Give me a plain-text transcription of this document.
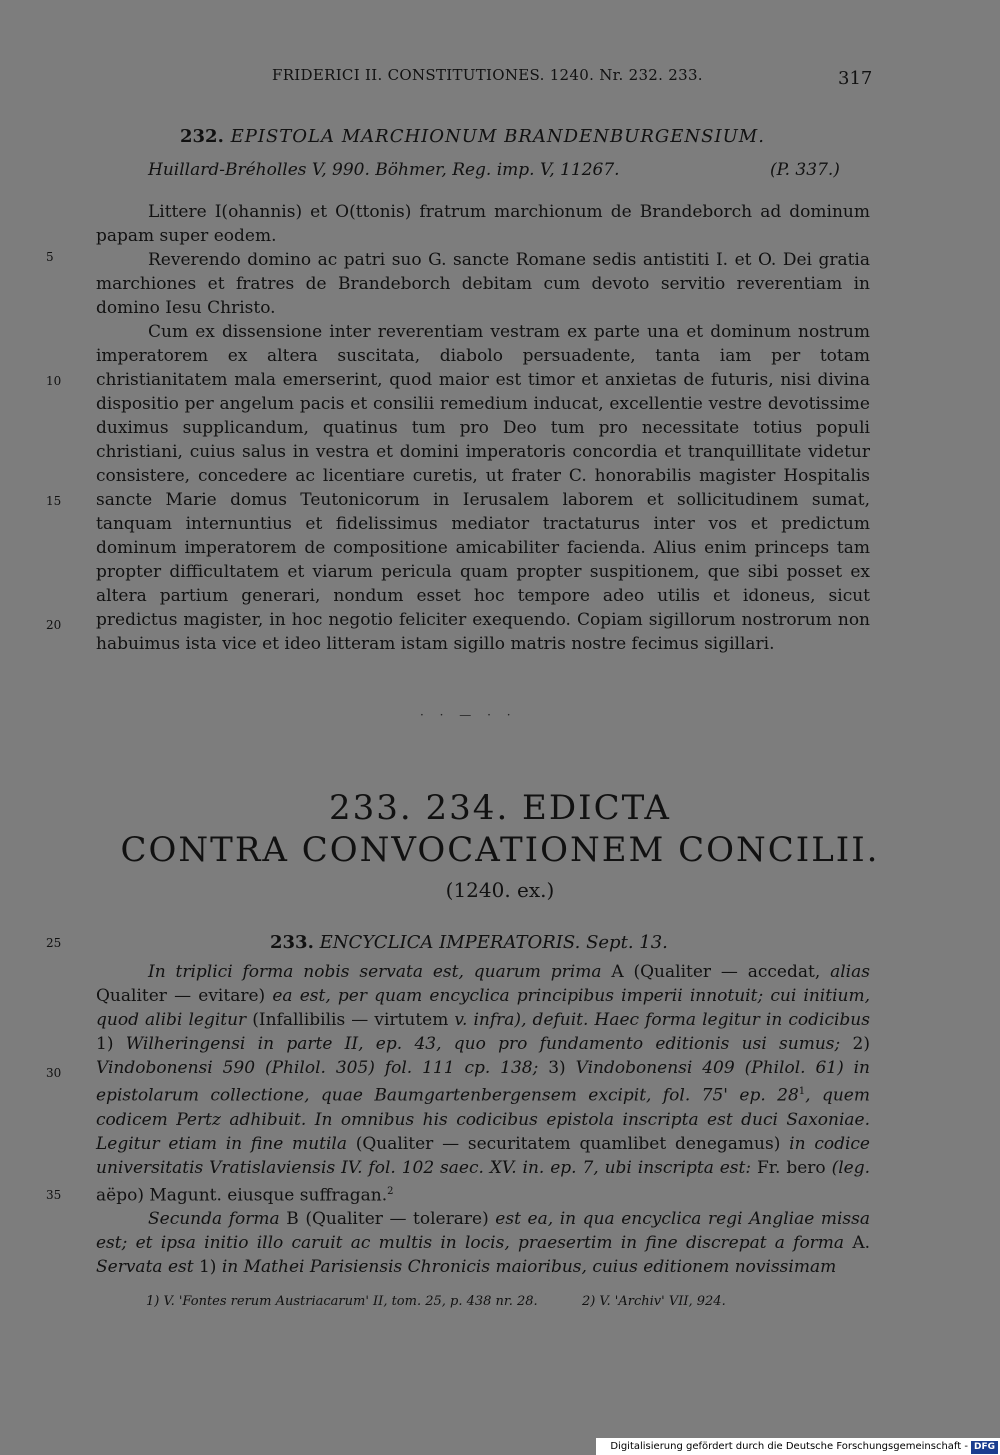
FRIDERICI II. CONSTITUTIONES. 1240. Nr. 232. 233.	317
232. EPISTOLA MARCHIONUM BRANDENBURGENSIUM.
Huillard-Bréholles V, 990. Böhmer, Reg. imp. V, 11267.	(P. 337.)

Littere I(ohannis) et O(ttonis) fratrum marchionum de Brandeborch ad dominum papam super eodem.

Reverendo domino ac patri suo G. sancte Romane sedis antistiti I. et O. Dei gratia marchiones et fratres de Brandeborch debitam cum devoto servitio reverentiam in domino Iesu Christo.

Cum ex dissensione inter reverentiam vestram ex parte una et dominum nostrum imperatorem ex altera suscitata, diabolo persuadente, tanta iam per totam christianitatem mala emerserint, quod maior est timor et anxietas de futuris, nisi divina dispositio per angelum pacis et consilii remedium inducat, excellentie vestre devotissime duximus supplicandum, quatinus tum pro Deo tum pro necessitate totius populi christiani, cuius salus in vestra et domini imperatoris concordia et tranquillitate videtur consistere, concedere ac licentiare curetis, ut frater C. honorabilis magister Hospitalis sancte Marie domus Teutonicorum in Ierusalem laborem et sollicitudinem sumat, tanquam internuntius et fidelissimus mediator tractaturus inter vos et predictum dominum imperatorem de compositione amicabiliter facienda. Alius enim princeps tam propter difficultatem et viarum pericula quam propter suspitionem, que sibi posset ex altera partium generari, nondum esset hoc tempore adeo utilis et idoneus, sicut predictus magister, in hoc negotio feliciter exequendo. Copiam sigillorum nostrorum non habuimus ista vice et ideo litteram istam sigillo matris nostre fecimus sigillari.

5
10
15
20
· · — · ·
233. 234. EDICTA
CONTRA CONVOCATIONEM CONCILII.
(1240. ex.)
25	233. ENCYCLICA IMPERATORIS. Sept. 13.

In triplici forma nobis servata est, quarum prima A (Qualiter — accedat, alias Qualiter — evitare) ea est, per quam encyclica principibus imperii innotuit; cui initium, quod alibi legitur (Infallibilis — virtutem v. infra), defuit. Haec forma legitur in codicibus 1) Wilheringensi in parte II, ep. 43, quo pro fundamento editionis usi sumus; 2) Vindobonensi 590 (Philol. 305) fol. 111 cp. 138; 3) Vindobonensi 409 (Philol. 61) in epistolarum collectione, quae Baumgartenbergensem excipit, fol. 75' ep. $28^1$, quem codicem Pertz adhibuit. In omnibus his codicibus epistola inscripta est duci Saxoniae. Legitur etiam in fine mutila (Qualiter — securitatem quamlibet denegamus) in codice universitatis Vratislaviensis IV. fol. 102 saec. XV. in. ep. 7, ubi inscripta est: Fr. bero (leg. aëpo) Magunt. eiusque suffragan.$^2$

Secunda forma B (Qualiter — tolerare) est ea, in qua encyclica regi Angliae missa est; et ipsa initio illo caruit ac multis in locis, praesertim in fine discrepat a forma A. Servata est 1) in Mathei Parisiensis Chronicis maioribus, cuius editionem novissimam

30
35
1) V. 'Fontes rerum Austriacarum' II, tom. 25, p. 438 nr. 28.	2) V. 'Archiv' VII, 924.
Digitalisierung gefördert durch die Deutsche Forschungsgemeinschaft - DFG
